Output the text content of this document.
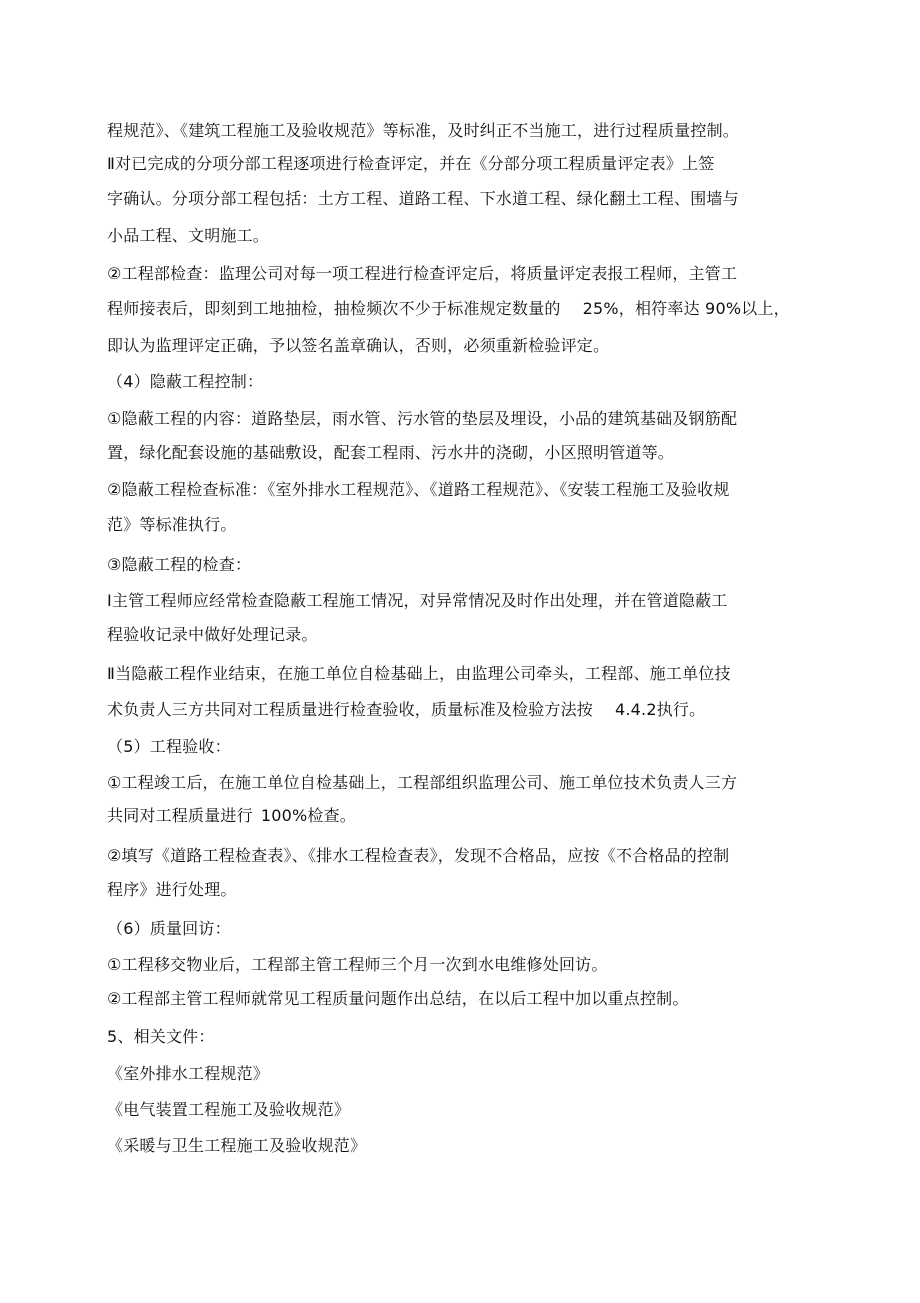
程规范》、《建筑工程施工及验收规范》等标准，及时纠正不当施工，进行过程质量控制。
Ⅱ对已完成的分项分部工程逐项进行检查评定，并在《分部分项工程质量评定表》上签
字确认。分项分部工程包括：土方工程、道路工程、下水道工程、绿化翻土工程、围墙与
小品工程、文明施工。
②工程部检查：监理公司对每一项工程进行检查评定后，将质量评定表报工程师，主管工
程师接表后，即刻到工地抽检，抽检频次不少于标准规定数量的 25%，相符率达 90%以上，
即认为监理评定正确，予以签名盖章确认，否则，必须重新检验评定。
（4）隐蔽工程控制：
①隐蔽工程的内容：道路垫层，雨水管、污水管的垫层及埋设，小品的建筑基础及钢筋配
置，绿化配套设施的基础敷设，配套工程雨、污水井的浇砌，小区照明管道等。
②隐蔽工程检查标准：《室外排水工程规范》、《道路工程规范》、《安装工程施工及验收规
范》等标准执行。
③隐蔽工程的检查：
Ⅰ主管工程师应经常检查隐蔽工程施工情况，对异常情况及时作出处理，并在管道隐蔽工
程验收记录中做好处理记录。
Ⅱ当隐蔽工程作业结束，在施工单位自检基础上，由监理公司牵头，工程部、施工单位技
术负责人三方共同对工程质量进行检查验收，质量标准及检验方法按 4.4.2执行。
（5）工程验收：
①工程竣工后，在施工单位自检基础上，工程部组织监理公司、施工单位技术负责人三方
共同对工程质量进行 100%检查。
②填写《道路工程检查表》、《排水工程检查表》，发现不合格品，应按《不合格品的控制
程序》进行处理。
（6）质量回访：
①工程移交物业后，工程部主管工程师三个月一次到水电维修处回访。
②工程部主管工程师就常见工程质量问题作出总结，在以后工程中加以重点控制。
5、相关文件：
《室外排水工程规范》
《电气装置工程施工及验收规范》
《采暖与卫生工程施工及验收规范》
